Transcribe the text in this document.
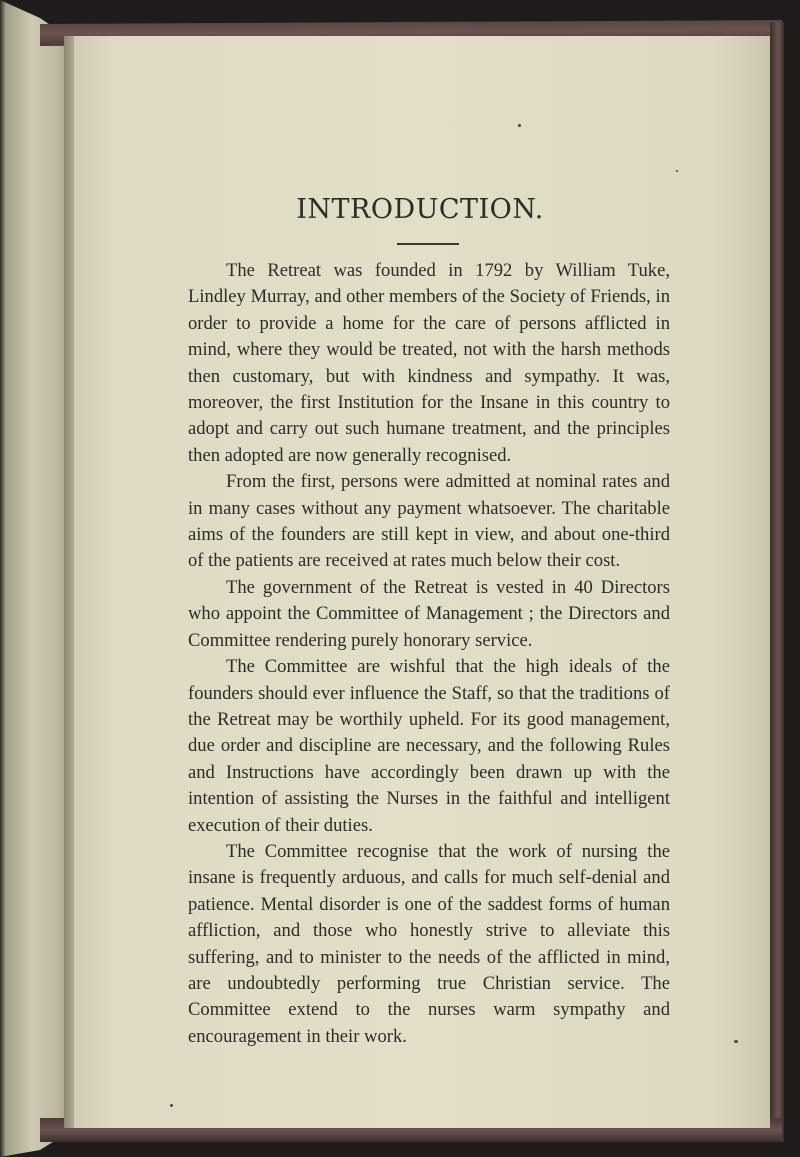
INTRODUCTION.

The Retreat was founded in 1792 by William Tuke, Lindley Murray, and other members of the Society of Friends, in order to provide a home for the care of persons afflicted in mind, where they would be treated, not with the harsh methods then customary, but with kindness and sympathy. It was, moreover, the first Institution for the Insane in this country to adopt and carry out such humane treatment, and the principles then adopted are now generally recognised.

From the first, persons were admitted at nominal rates and in many cases without any payment whatsoever. The charitable aims of the founders are still kept in view, and about one-third of the patients are received at rates much below their cost.

The government of the Retreat is vested in 40 Directors who appoint the Committee of Management ; the Directors and Committee rendering purely honorary service.

The Committee are wishful that the high ideals of the founders should ever influence the Staff, so that the traditions of the Retreat may be worthily upheld. For its good management, due order and discipline are necessary, and the following Rules and Instructions have accordingly been drawn up with the intention of assisting the Nurses in the faithful and intelligent execution of their duties.

The Committee recognise that the work of nursing the insane is frequently arduous, and calls for much self-denial and patience. Mental disorder is one of the saddest forms of human affliction, and those who honestly strive to alleviate this suffering, and to minister to the needs of the afflicted in mind, are undoubtedly performing true Christian service. The Committee extend to the nurses warm sympathy and encouragement in their work.
